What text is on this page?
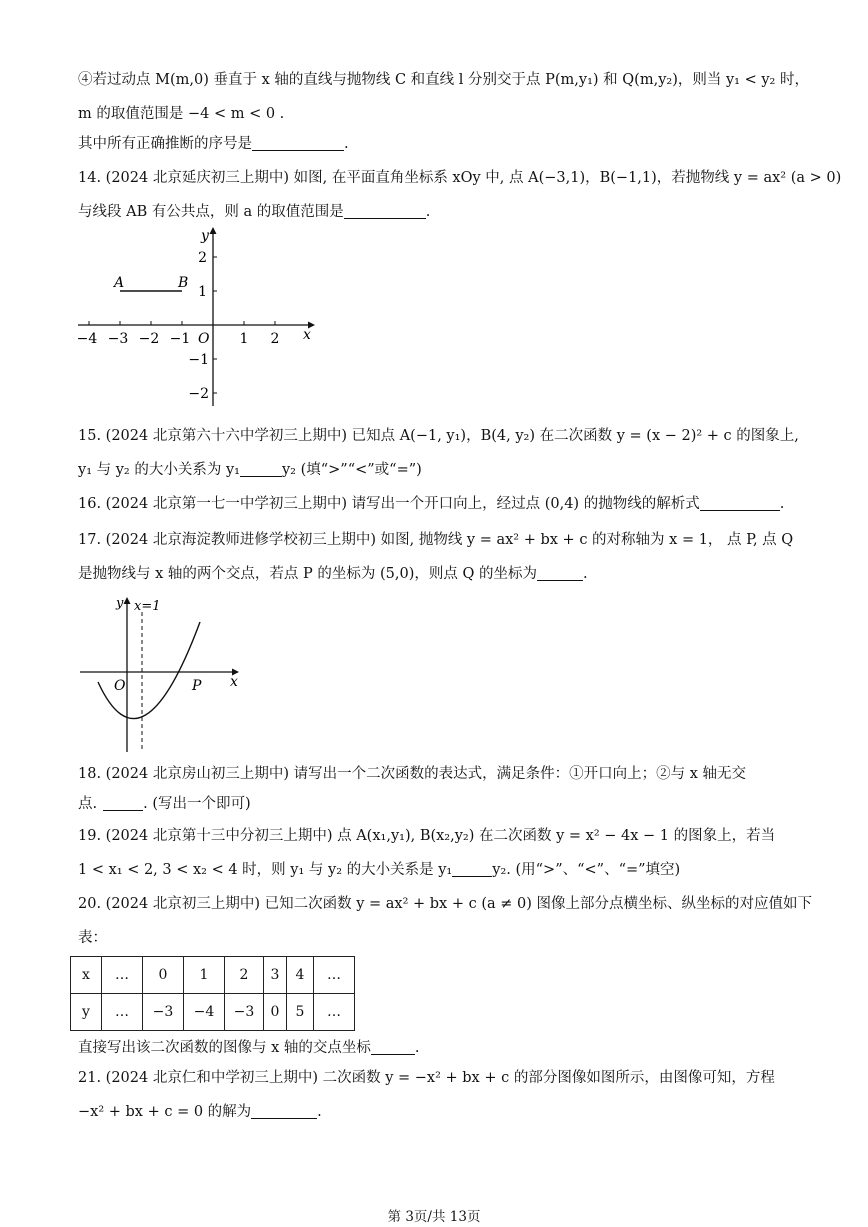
④若过动点 M(m,0) 垂直于 x 轴的直线与抛物线 C 和直线 l 分别交于点 P(m,y₁) 和 Q(m,y₂)，则当 y₁ < y₂ 时，
m 的取值范围是 −4 < m < 0 .
其中所有正确推断的序号是	.
14. (2024 北京延庆初三上期中) 如图, 在平面直角坐标系 xOy 中, 点 A(−3,1)，B(−1,1)，若抛物线 y = ax² (a > 0)
与线段 AB 有公共点，则 a 的取值范围是	.
A	B
−4 −3 −2 −1	1 2
2
1
−1
−2
O	x
y
15. (2024 北京第六十六中学初三上期中) 已知点 A(−1, y₁)，B(4, y₂) 在二次函数 y = (x − 2)² + c 的图象上,
y₁ 与 y₂ 的大小关系为 y₁	y₂ (填“>”“<”或“=”)
16. (2024 北京第一七一中学初三上期中) 请写出一个开口向上，经过点 (0,4) 的抛物线的解析式	.
17. (2024 北京海淀教师进修学校初三上期中) 如图, 抛物线 y = ax² + bx + c 的对称轴为 x = 1， 点 P, 点 Q
是抛物线与 x 轴的两个交点，若点 P 的坐标为 (5,0)，则点 Q 的坐标为	.
O	P x
y x=1
18. (2024 北京房山初三上期中) 请写出一个二次函数的表达式，满足条件：①开口向上；②与 x 轴无交
点.	. (写出一个即可)
19. (2024 北京第十三中分初三上期中) 点 A(x₁,y₁), B(x₂,y₂) 在二次函数 y = x² − 4x − 1 的图象上，若当
1 < x₁ < 2, 3 < x₂ < 4 时，则 y₁ 与 y₂ 的大小关系是 y₁	y₂. (用“>”、“<”、“=”填空)
20. (2024 北京初三上期中) 已知二次函数 y = ax² + bx + c (a ≠ 0) 图像上部分点横坐标、纵坐标的对应值如下
表：
x	…	0	1	2	3	4	…
y	…	−3	−4	−3	0	5	…
直接写出该二次函数的图像与 x 轴的交点坐标	.
21. (2024 北京仁和中学初三上期中) 二次函数 y = −x² + bx + c 的部分图像如图所示，由图像可知，方程
−x² + bx + c = 0 的解为	.
第 3页/共 13页
